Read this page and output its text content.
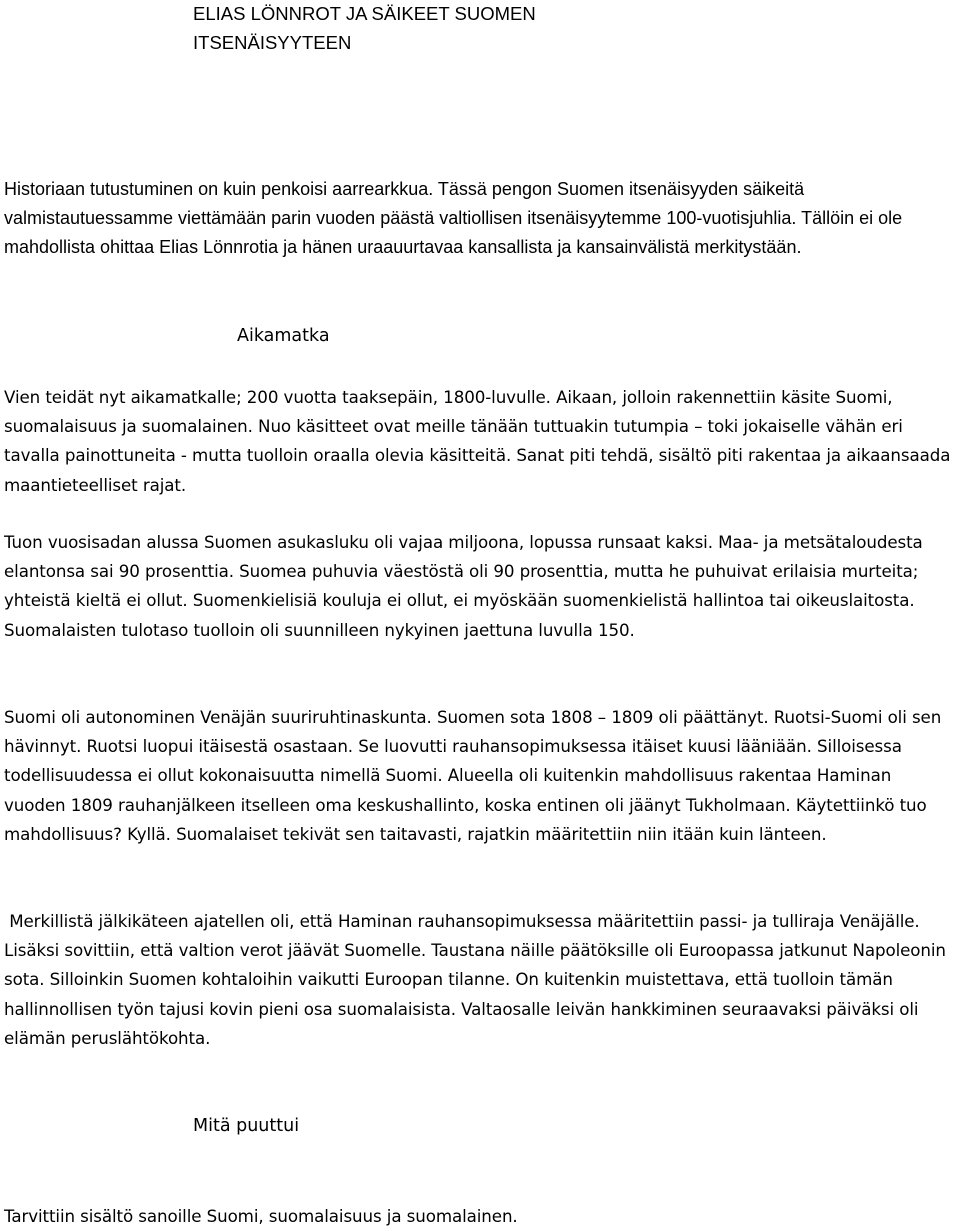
ELIAS LÖNNROT JA SÄIKEET SUOMEN
ITSENÄISYYTEEN

Historiaan tutustuminen on kuin penkoisi aarrearkkua. Tässä pengon Suomen itsenäisyyden säikeitä valmistautuessamme viettämään parin vuoden päästä valtiollisen itsenäisyytemme 100-vuotisjuhlia. Tällöin ei ole mahdollista ohittaa Elias Lönnrotia ja hänen uraauurtavaa kansallista ja kansainvälistä merkitystään.

Aikamatka

Vien teidät nyt aikamatkalle; 200 vuotta taaksepäin, 1800-luvulle. Aikaan, jolloin rakennettiin käsite Suomi, suomalaisuus ja suomalainen. Nuo käsitteet ovat meille tänään tuttuakin tutumpia – toki jokaiselle vähän eri tavalla painottuneita - mutta tuolloin oraalla olevia käsitteitä. Sanat piti tehdä, sisältö piti rakentaa ja aikaansaada maantieteelliset rajat.

Tuon vuosisadan alussa Suomen asukasluku oli vajaa miljoona, lopussa runsaat kaksi. Maa- ja metsätaloudesta elantonsa sai 90 prosenttia. Suomea puhuvia väestöstä oli 90 prosenttia, mutta he puhuivat erilaisia murteita; yhteistä kieltä ei ollut. Suomenkielisiä kouluja ei ollut, ei myöskään suomenkielistä hallintoa tai oikeuslaitosta. Suomalaisten tulotaso tuolloin oli suunnilleen nykyinen jaettuna luvulla 150.

Suomi oli autonominen Venäjän suuriruhtinaskunta. Suomen sota 1808 – 1809 oli päättänyt. Ruotsi-Suomi oli sen hävinnyt. Ruotsi luopui itäisestä osastaan. Se luovutti rauhansopimuksessa itäiset kuusi lääniään. Silloisessa todellisuudessa ei ollut kokonaisuutta nimellä Suomi. Alueella oli kuitenkin mahdollisuus rakentaa Haminan vuoden 1809 rauhanjälkeen itselleen oma keskushallinto, koska entinen oli jäänyt Tukholmaan. Käytettiinkö tuo mahdollisuus? Kyllä. Suomalaiset tekivät sen taitavasti, rajatkin määritettiin niin itään kuin länteen.

Merkillistä jälkikäteen ajatellen oli, että Haminan rauhansopimuksessa määritettiin passi- ja tulliraja Venäjälle. Lisäksi sovittiin, että valtion verot jäävät Suomelle. Taustana näille päätöksille oli Euroopassa jatkunut Napoleonin sota. Silloinkin Suomen kohtaloihin vaikutti Euroopan tilanne. On kuitenkin muistettava, että tuolloin tämän hallinnollisen työn tajusi kovin pieni osa suomalaisista. Valtaosalle leivän hankkiminen seuraavaksi päiväksi oli elämän peruslähtökohta.

Mitä puuttui

Tarvittiin sisältö sanoille Suomi, suomalaisuus ja suomalainen.
